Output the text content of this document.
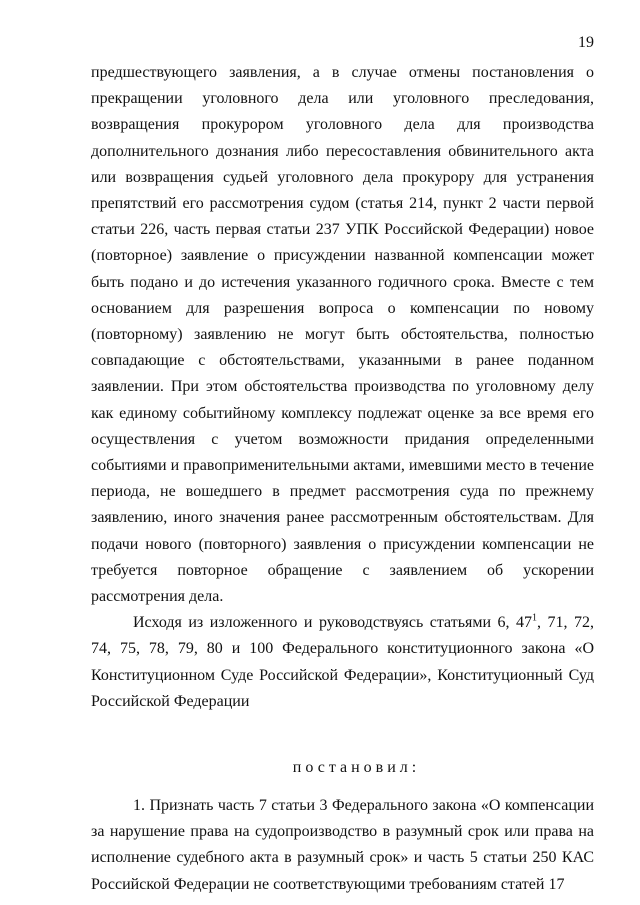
19

предшествующего заявления, а в случае отмены постановления о прекращении уголовного дела или уголовного преследования, возвращения прокурором уголовного дела для производства дополнительного дознания либо пересоставления обвинительного акта или возвращения судьей уголовного дела прокурору для устранения препятствий его рассмотрения судом (статья 214, пункт 2 части первой статьи 226, часть первая статьи 237 УПК Российской Федерации) новое (повторное) заявление о присуждении названной компенсации может быть подано и до истечения указанного годичного срока. Вместе с тем основанием для разрешения вопроса о компенсации по новому (повторному) заявлению не могут быть обстоятельства, полностью совпадающие с обстоятельствами, указанными в ранее поданном заявлении. При этом обстоятельства производства по уголовному делу как единому событийному комплексу подлежат оценке за все время его осуществления с учетом возможности придания определенными событиями и правоприменительными актами, имевшими место в течение периода, не вошедшего в предмет рассмотрения суда по прежнему заявлению, иного значения ранее рассмотренным обстоятельствам. Для подачи нового (повторного) заявления о присуждении компенсации не требуется повторное обращение с заявлением об ускорении рассмотрения дела.

Исходя из изложенного и руководствуясь статьями 6, $47^1$, 71, 72, 74, 75, 78, 79, 80 и 100 Федерального конституционного закона «О Конституционном Суде Российской Федерации», Конституционный Суд Российской Федерации

постановил:

1. Признать часть 7 статьи 3 Федерального закона «О компенсации за нарушение права на судопроизводство в разумный срок или права на исполнение судебного акта в разумный срок» и часть 5 статьи 250 КАС Российской Федерации не соответствующими требованиям статей 17
